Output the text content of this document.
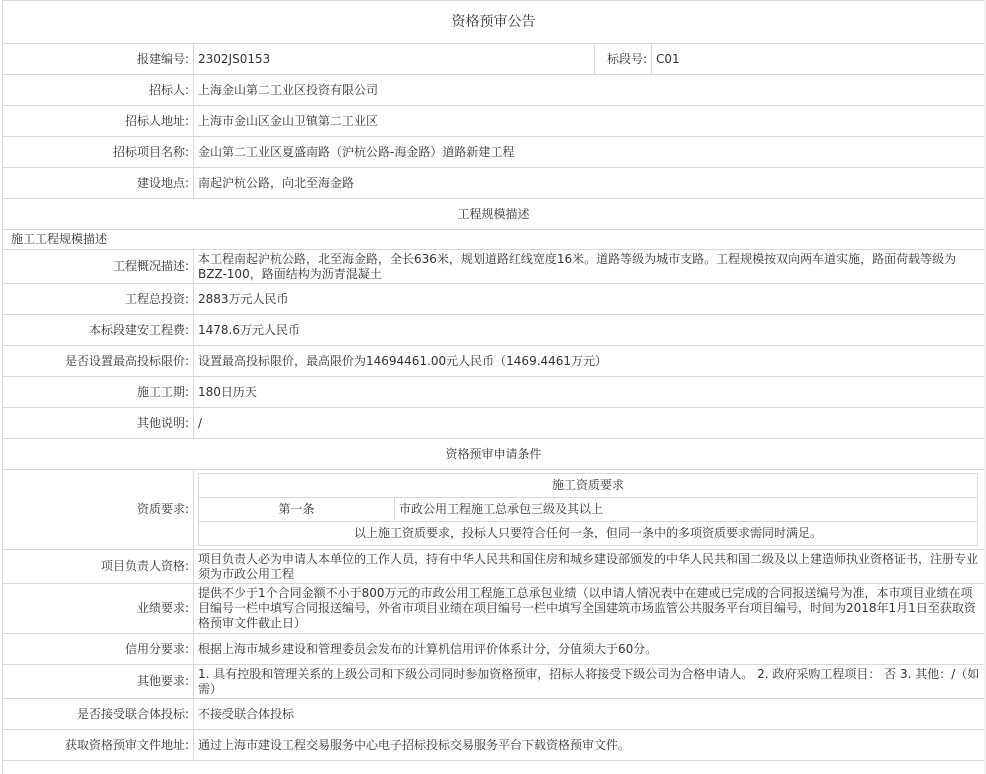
资格预审公告
报建编号:	2302JS0153	标段号:	C01
招标人:	上海金山第二工业区投资有限公司
招标人地址:	上海市金山区金山卫镇第二工业区
招标项目名称:	金山第二工业区夏盛南路（沪杭公路-海金路）道路新建工程
建设地点:	南起沪杭公路，向北至海金路
工程规模描述
施工工程规模描述
工程概况描述:	本工程南起沪杭公路，北至海金路，全长636米，规划道路红线宽度16米。道路等级为城市支路。工程规模按双向两车道实施，路面荷载等级为BZZ-100，路面结构为沥青混凝土
工程总投资:	2883万元人民币
本标段建安工程费:	1478.6万元人民币
是否设置最高投标限价:	设置最高投标限价，最高限价为14694461.00元人民币（1469.4461万元）
施工工期:	180日历天
其他说明:	/
资格预审申请条件
资质要求:	
施工资质要求
第一条	市政公用工程施工总承包三级及其以上
以上施工资质要求，投标人只要符合任何一条，但同一条中的多项资质要求需同时满足。

项目负责人资格:	项目负责人必为申请人本单位的工作人员，持有中华人民共和国住房和城乡建设部颁发的中华人民共和国二级及以上建造师执业资格证书，注册专业须为市政公用工程
业绩要求:	提供不少于1个合同金额不小于800万元的市政公用工程施工总承包业绩（以申请人情况表中在建或已完成的合同报送编号为准，本市项目业绩在项目编号一栏中填写合同报送编号，外省市项目业绩在项目编号一栏中填写全国建筑市场监管公共服务平台项目编号，时间为2018年1月1日至获取资格预审文件截止日）
信用分要求:	根据上海市城乡建设和管理委员会发布的计算机信用评价体系计分，分值须大于60分。
其他要求:	1. 具有控股和管理关系的上级公司和下级公司同时参加资格预审，招标人将接受下级公司为合格申请人。 2. 政府采购工程项目： 否 3. 其他：/（如需）
是否接受联合体投标:	不接受联合体投标
获取资格预审文件地址:	通过上海市建设工程交易服务中心电子招标投标交易服务平台下载资格预审文件。
